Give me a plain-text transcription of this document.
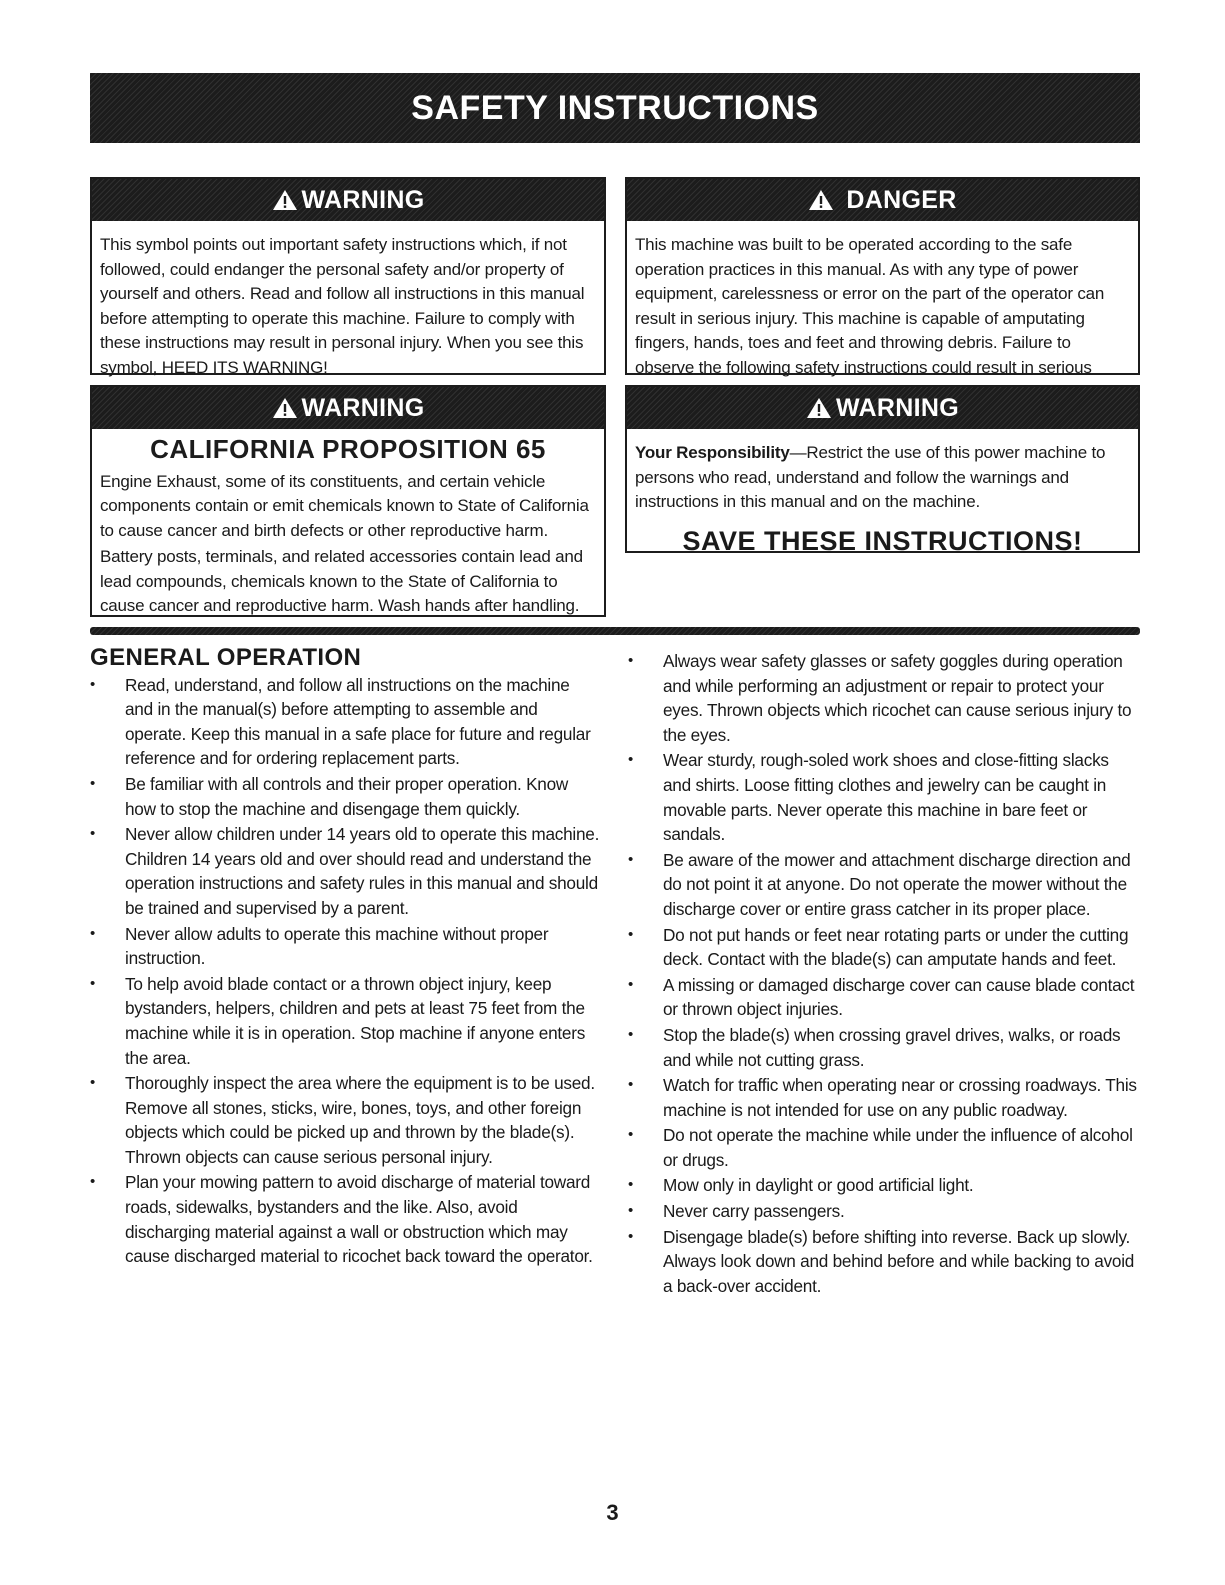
SAFETY INSTRUCTIONS
WARNING

This symbol points out important safety instructions which, if not followed, could endanger the personal safety and/or property of yourself and others. Read and follow all instructions in this manual before attempting to operate this machine. Failure to comply with these instructions may result in personal injury. When you see this symbol, HEED ITS WARNING!

DANGER

This machine was built to be operated according to the safe operation practices in this manual. As with any type of power equipment, carelessness or error on the part of the operator can result in serious injury. This machine is capable of amputating fingers, hands, toes and feet and throwing debris. Failure to observe the following safety instructions could result in serious

WARNING
CALIFORNIA PROPOSITION 65

Engine Exhaust, some of its constituents, and certain vehicle components contain or emit chemicals known to State of California to cause cancer and birth defects or other reproductive harm.

Battery posts, terminals, and related accessories contain lead and lead compounds, chemicals known to the State of California to cause cancer and reproductive harm. Wash hands after handling.

WARNING

Your Responsibility—Restrict the use of this power machine to persons who read, understand and follow the warnings and instructions in this manual and on the machine.

SAVE THESE INSTRUCTIONS!
GENERAL OPERATION
•	Read, understand, and follow all instructions on the machine and in the manual(s) before attempting to assemble and operate. Keep this manual in a safe place for future and regular reference and for ordering replacement parts.
•	Be familiar with all controls and their proper operation. Know how to stop the machine and disengage them quickly.
•	Never allow children under 14 years old to operate this machine. Children 14 years old and over should read and understand the operation instructions and safety rules in this manual and should be trained and supervised by a parent.
•	Never allow adults to operate this machine without proper instruction.
•	To help avoid blade contact or a thrown object injury, keep bystanders, helpers, children and pets at least 75 feet from the machine while it is in operation. Stop machine if anyone enters the area.
•	Thoroughly inspect the area where the equipment is to be used. Remove all stones, sticks, wire, bones, toys, and other foreign objects which could be picked up and thrown by the blade(s). Thrown objects can cause serious personal injury.
•	Plan your mowing pattern to avoid discharge of material toward roads, sidewalks, bystanders and the like. Also, avoid discharging material against a wall or obstruction which may cause discharged material to ricochet back toward the operator.
•	Always wear safety glasses or safety goggles during operation and while performing an adjustment or repair to protect your eyes. Thrown objects which ricochet can cause serious injury to the eyes.
•	Wear sturdy, rough-soled work shoes and close-fitting slacks and shirts. Loose fitting clothes and jewelry can be caught in movable parts. Never operate this machine in bare feet or sandals.
•	Be aware of the mower and attachment discharge direction and do not point it at anyone. Do not operate the mower without the discharge cover or entire grass catcher in its proper place.
•	Do not put hands or feet near rotating parts or under the cutting deck. Contact with the blade(s) can amputate hands and feet.
•	A missing or damaged discharge cover can cause blade contact or thrown object injuries.
•	Stop the blade(s) when crossing gravel drives, walks, or roads and while not cutting grass.
•	Watch for traffic when operating near or crossing roadways. This machine is not intended for use on any public roadway.
•	Do not operate the machine while under the influence of alcohol or drugs.
•	Mow only in daylight or good artificial light.
•	Never carry passengers.
•	Disengage blade(s) before shifting into reverse. Back up slowly. Always look down and behind before and while backing to avoid a back-over accident.
3
